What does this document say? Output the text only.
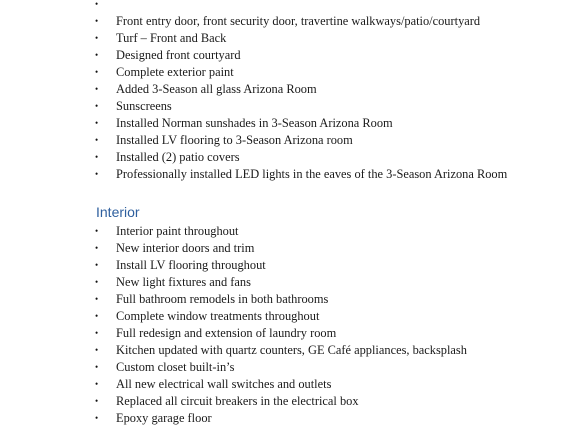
•
•	Front entry door, front security door, travertine walkways/patio/courtyard
•	Turf – Front and Back
•	Designed front courtyard
•	Complete exterior paint
•	Added 3-Season all glass Arizona Room
•	Sunscreens
•	Installed Norman sunshades in 3-Season Arizona Room
•	Installed LV flooring to 3-Season Arizona room
•	Installed (2) patio covers
•	Professionally installed LED lights in the eaves of the 3-Season Arizona Room
Interior
•	Interior paint throughout
•	New interior doors and trim
•	Install LV flooring throughout
•	New light fixtures and fans
•	Full bathroom remodels in both bathrooms
•	Complete window treatments throughout
•	Full redesign and extension of laundry room
•	Kitchen updated with quartz counters, GE Café appliances, backsplash
•	Custom closet built-in’s
•	All new electrical wall switches and outlets
•	Replaced all circuit breakers in the electrical box
•	Epoxy garage floor
